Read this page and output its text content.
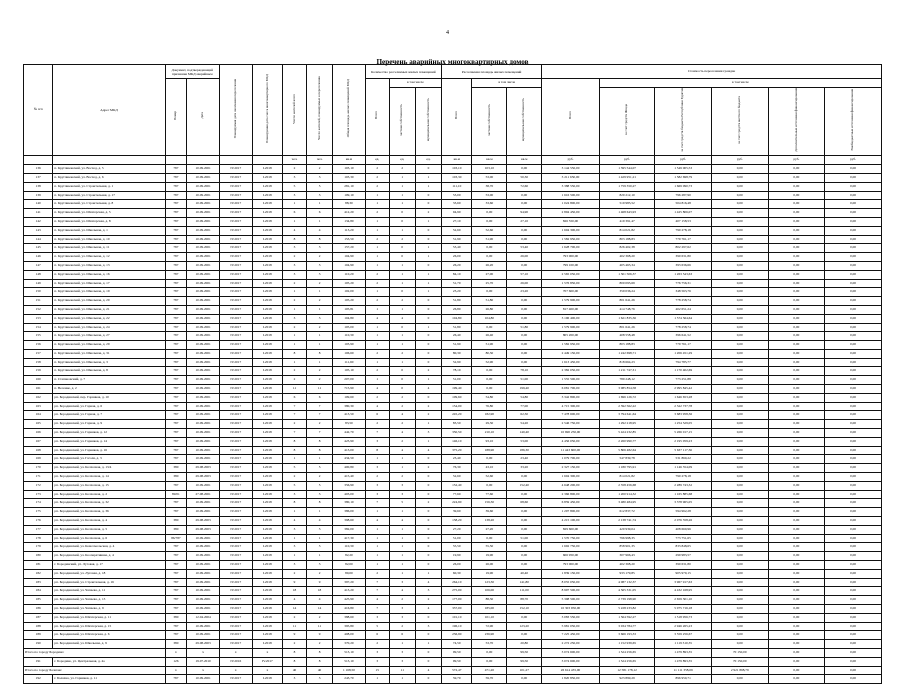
4
Перечень аварийных многоквартирных домов
№ п/п	Адрес МКД	Документ, подтверждающий признание МКД аварийным		Планируемая дата окончания переселения	Планируемая дата сноса многоквартирного МКД	Число жителей всего	Число жителей, планируемых к переселению	Общая площадь жилых помещений МКД	Количество расселяемых жилых помещений			Расселяемая площадь жилых помещений			Стоимость переселения граждан					
		Номер	Дата						Всего	в том числе		Всего	в том числе		Всего	в том числе				
										частная собственность	муниципальная собственность		частная собственность	муниципальная собственность		за счет средств Фонда	за счет средств бюджета Республики Бурятия	за счет средств местного бюджета	Дополнительные источники финансирования	Внебюджетные источники финансирования
						чел.	чел.	кв.м	ед.	ед.	ед.	кв.м	кв.м	кв.м	руб.	руб.	руб.	руб.	руб.	руб.
136	п. Кругликовский, ул. Восход, д. 5	787	10.09.2001	IV.2017	I.2018	2	2	103,10	2	2	0	103,10	103,10	0,00	3 144 550,00	1 395 544,07	1 549 005,53	0,00	0,00	0,00
137	п. Кругликовский, ул. Восход, д. 6	787	10.09.2001	IV.2017	I.2018	3	3	103,30	2	1	1	103,30	53,00	50,30	3 211 650,00	1 429 951,21	1 582 698,79	0,00	0,00	0,00
138	п. Кругликовский, ул. Строительная, д. 1	787	10.09.2001	IV.2017	I.2018	5	5	281,10	2	1	1	111,10	38,70	72,60	3 388 550,00	1 759 350,27	1 669 090,73	0,00	0,00	0,00
139	п. Кругликовский, ул. Строительная, д. 17	787	10.09.2001	IV.2017	I.2018	3	3	109,10	1	1	0	53,00	53,00	0,00	1 616 500,00	820 212,10	796 287,90	0,00	0,00	0,00
140	п. Кругликовский, ул. Строительная, д. 8	787	10.09.2001	IV.2017	I.2018	1	1	88,30	1	1	0	33,60	33,60	0,00	1 024 800,00	519 983,52	504 816,48	0,00	0,00	0,00
141	п. Кругликовский, ул. Шахтерская, д. 5	787	10.09.2001	IV.2017	I.2018	6	6	412,20	2	0	2	94,90	0,00	94,90	2 894 450,00	1 468 643,93	1 425 806,07	0,00	0,00	0,00
142	п. Кругликовский, ул. Шахтерская, д. 8	787	10.09.2001	IV.2017	I.2018	1	1	134,80	1	0	1	27,10	0,00	27,10	826 550,00	419 391,47	407 158,53	0,00	0,00	0,00
143	п. Кругликовский, ул. Школьная, д. 1	787	10.09.2001	IV.2017	I.2018	4	4	113,20	1	1	0	52,60	52,60	0,00	1 604 300,00	814 021,82	790 278,18	0,00	0,00	0,00
144	п. Кругликовский, ул. Школьная, д. 10	787	10.09.2001	IV.2017	I.2018	8	8	153,50	2	2	0	51,90	51,90	0,00	1 582 950,00	803 188,83	779 761,17	0,00	0,00	0,00
145	п. Кругликовский, ул. Школьная, д. 11	787	10.09.2001	IV.2017	I.2018	3	3	157,20	1	0	1	53,40	0,00	53,40	1 628 700,00	826 402,38	802 297,62	0,00	0,00	0,00
146	п. Кругликовский, ул. Школьная, д. 12	787	10.09.2001	IV.2017	I.2018	2	2	104,90	1	0	1	26,00	0,00	26,00	793 000,00	402 368,20	390 631,80	0,00	0,00	0,00
147	п. Кругликовский, ул. Школьная, д. 13	787	10.09.2001	IV.2017	I.2018	3	3	104,90	1	1	0	26,20	26,20	0,00	799 100,00	405 463,34	393 636,66	0,00	0,00	0,00
148	п. Кругликовский, ул. Школьная, д. 16	787	10.09.2001	IV.2017	I.2018	3	3	110,20	2	1	1	84,10	27,00	57,10	2 565 050,00	1 301 506,37	1 263 543,63	0,00	0,00	0,00
149	п. Кругликовский, ул. Школьная, д. 17	787	10.09.2001	IV.2017	I.2018	2	2	105,20	2	1	1	51,70	25,70	26,00	1 576 850,00	800 093,69	776 756,31	0,00	0,00	0,00
150	п. Кругликовский, ул. Школьная, д. 19	787	10.09.2001	IV.2017	I.2018	1	1	102,00	1	0	1	23,20	0,00	23,20	707 600,00	359 036,24	348 563,76	0,00	0,00	0,00
151	п. Кругликовский, ул. Школьная, д. 20	787	10.09.2001	IV.2017	I.2018	2	2	105,20	2	2	0	51,80	51,80	0,00	1 579 900,00	801 641,26	778 258,74	0,00	0,00	0,00
152	п. Кругликовский, ул. Школьная, д. 21	787	10.09.2001	IV.2017	I.2018	1	1	105,81	1	1	0	26,80	26,80	0,00	817 400,00	414 748,76	402 651,24	0,00	0,00	0,00
153	п. Кругликовский, ул. Школьная, д. 22	787	10.09.2001	IV.2017	I.2018	3	3	104,80	4	4	0	104,80	104,80	0,00	3 196 400,00	1 621 835,36	1 574 564,64	0,00	0,00	0,00
154	п. Кругликовский, ул. Школьная, д. 24	787	10.09.2001	IV.2017	I.2018	2	2	105,00	1	0	1	51,80	0,00	51,80	1 579 900,00	801 641,26	778 258,74	0,00	0,00	0,00
155	п. Кругликовский, ул. Школьная, д. 27	787	10.09.2001	IV.2017	I.2018	1	1	110,30	1	1	0	26,40	26,40	0,00	805 200,00	408 558,48	396 641,52	0,00	0,00	0,00
156	п. Кругликовский, ул. Школьная, д. 29	787	10.09.2001	IV.2017	I.2018	1	1	103,90	1	1	0	51,90	51,90	0,00	1 582 950,00	803 188,83	779 761,17	0,00	0,00	0,00
157	п. Кругликовский, ул. Школьная, д. 31	787	10.09.2001	IV.2017	I.2018	8	8	106,60	2	2	0	80,30	80,30	0,00	2 449 150,00	1 242 698,71	1 206 451,29	0,00	0,00	0,00
158	п. Кругликовский, ул. Школьная, д. 3	787	10.09.2001	IV.2017	I.2018	1	1	111,60	1	1	0	52,90	52,90	0,00	1 613 450,00	818 664,23	794 785,77	0,00	0,00	0,00
159	п. Кругликовский, ул. Школьная, д. 8	787	10.09.2001	IV.2017	I.2018	2	2	105,10	2	0	2	78,10	0,00	78,10	2 382 050,00	1 211 747,31	1 170 402,69	0,00	0,00	0,00
160	п. Степановский, д. 7	787	10.09.2001	IV.2017	I.2018	2	2	207,00	1	0	1	51,00	0,00	51,00	1 555 500,00	789 248,12	773 251,88	0,00	0,00	0,00
161	п. Весенне, д. 2	787	10.09.2001	IV.2017	I.2018	11	11	715,90	4	0	4	199,40	0,00	199,40	6 081 700,00	3 085 854,58	2 995 845,42	0,00	0,00	0,00
162	рп. Бородинский, пер. Горняков, д. 10	787	10.09.2001	IV.2017	I.2018	6	6	109,60	2	2	0	109,60	54,80	54,80	3 342 800,00	1 696 126,72	1 646 653,28	0,00	0,00	0,00
163	рп. Бородинский, ул. Горная, д. 6	787	10.09.2001	IV.2017	I.2018	7	7	380,30	4	2	2	154,00	76,80	77,00	4 715 300,00	2 392 562,22	2 322 737,78	0,00	0,00	0,00
164	рп. Бородинский, ул. Горная, д. 7	787	10.09.2001	IV.2017	I.2018	7	7	413,50	6	4	2	245,20	182,90	62,30	7 478 600,00	3 794 641,64	3 683 958,36	0,00	0,00	0,00
165	рп. Бородинский, ул. Горная, д. 9	787	10.09.2001	IV.2017	I.2018	2	2	83,50	2	2	1	83,50	29,30	54,20	2 546 750,00	1 292 218,95	1 254 529,05	0,00	0,00	0,00
166	рп. Бородинский, ул. Горняков, д. 12	787	10.09.2001	IV.2017	I.2018	7	7	442,70	7	4	3	350,50	210,10	140,40	10 690 250,00	5 424 232,85	5 266 017,15	0,00	0,00	0,00
167	рп. Бородинский, ул. Горняков, д. 14	787	10.09.2001	IV.2017	I.2018	8	8	423,90	3	2	1	146,10	93,10	53,00	4 456 050,00	2 260 990,77	2 195 059,23	0,00	0,00	0,00
168	рп. Бородинский, ул. Горняков, д. 16	787	10.09.2001	IV.2017	I.2018	8	8	413,00	8	4	4	375,20	188,90	186,30	11 443 600,00	5 806 482,64	5 637 117,36	0,00	0,00	0,00
169	рп. Бородинский, ул. Гоголя, д. 3	787	10.09.2001	IV.2017	I.2018	1	1	434,50	1	1	0	23,40	0,00	23,40	1 079 700,00	547 839,78	531 860,22	0,00	0,00	0,00
170	рп. Бородинский, ул. Колхозная, д. 13/4	380	29.08.2003	IV.2017	I.2018	5	5	400,80	3	1	2	76,30	43,10	33,20	2 327 150,00	1 180 795,91	1 146 354,09	0,00	0,00	0,00
171	рп. Бородинский, ул. Колхозная, д. 14	380	29.08.2003	IV.2017	I.2018	2	2	415,40	2	2	0	52,60	52,60	0,00	1 604 300,00	814 021,82	790 278,18	0,00	0,00	0,00
172	рп. Бородинский, ул. Колхозная, д. 15	787	10.09.2001	IV.2017	I.2018	5	5	356,90	3	3	0	152,40	0,00	152,40	4 648 200,00	2 358 456,68	2 289 743,32	0,00	0,00	0,00
173	рп. Бородинский, ул. Колхозная, д. 2	89/01	27.08.2001	IV.2017	I.2018	3	3	403,00	3	3	0	77,60	77,60	0,00	2 366 800,00	1 200 914,32	1 165 885,68	0,00	0,00	0,00
174	рп. Бородинский, ул. Колхозная, д. 32	787	10.09.2001	IV.2017	I.2018	8	8	380,10	7	5	2	224,90	156,30	68,60	6 859 450,00	3 480 484,95	3 378 965,05	0,00	0,00	0,00
175	рп. Бородинский, ул. Колхозная, д. 36	787	10.09.2001	IV.2017	I.2018	1	1	386,00	1	1	0	39,60	39,60	0,00	1 207 800,00	612 837,72	594 962,28	0,00	0,00	0,00
176	рп. Бородинский, ул. Колхозная, д. 4	380	29.08.2003	IV.2017	I.2018	4	4	398,60	4	4	0	138,20	138,20	0,00	4 215 100,00	2 138 741,74	2 076 358,26	0,00	0,00	0,00
177	рп. Бородинский, ул. Колхозная, д. 5	380	29.08.2003	IV.2017	I.2018	3	3	382,00	1	1	0	27,20	27,20	0,00	829 600,00	420 939,04	408 660,96	0,00	0,00	0,00
178	рп. Бородинский, ул. Колхозная, д. 6	86/787	10.09.2001	IV.2017	I.2018	1	1	417,30	1	1	0	51,00	0,00	51,00	1 570 750,00	796 998,35	773 751,65	0,00	0,00	0,00
179	рп. Бородинский, ул. Комсомольская, д. 4	787	10.09.2001	IV.2017	I.2018	3	3	110,30	1	1	0	55,50	55,50	0,00	1 692 750,00	858 901,35	833 848,65	0,00	0,00	0,00
180	рп. Бородинский, ул. Кооперативная, д. 4	787	10.09.2001	IV.2017	I.2018	1	1	82,20	1	1	0	19,90	19,90	0,00	606 950,00	307 966,43	299 983,57	0,00	0,00	0,00
181	г. Бородинский, ул. Луговая, д. 17	787	10.09.2001	IV.2017	I.2018	3	3	82,00	1	1	0	26,00	26,00	0,00	793 000,00	402 368,20	390 631,80	0,00	0,00	0,00
182	рп. Бородинский, ул. Луговая, д. 18	787	10.09.2001	IV.2017	I.2018	2	2	80,00	2	1	1	60,30	19,90	40,40	1 839 150,00	933 179,85	905 970,15	0,00	0,00	0,00
183	рп. Бородинский, ул. Строительная, д. 16	787	10.09.2001	IV.2017	I.2018	9	9	397,20	7	3	4	264,10	123,30	141,80	8 055 050,00	4 087 132,37	3 967 917,63	0,00	0,00	0,00
184	рп. Бородинский, ул. Чапаева, д. 11	787	10.09.2001	IV.2017	I.2018	18	18	413,20	7	4	3	275,00	106,00	111,00	8 997 500,00	4 565 331,05	4 432 168,95	0,00	0,00	0,00
185	рп. Бородинский, ул. Чапаева, д. 13	787	10.09.2001	IV.2017	I.2018	4	4	425,90	4	2	2	177,00	88,30	88,70	5 398 500,00	2 739 198,90	2 659 301,10	0,00	0,00	0,00
186	рп. Бородинский, ул. Чапаева, д. 9	787	10.09.2001	IV.2017	I.2018	14	14	416,80	7	3	4	337,00	185,00	152,10	10 303 950,00	5 228 233,82	5 075 716,18	0,00	0,00	0,00
187	рп. Бородинский, ул. Шахтерская, д. 11	380	12.04.2004	IV.2017	I.2018	2	2	388,60	3	3	0	101,10	101,10	0,00	3 083 550,00	1 564 592,27	1 518 956,73	0,00	0,00	0,00
188	рп. Бородинский, ул. Шахтерская, д. 15	787	10.09.2001	IV.2017	I.2018	11	11	395,80	5	2	3	196,10	72,90	123,20	5 981 050,00	3 034 784,77	2 946 265,23	0,00	0,00	0,00
189	рп. Бородинский, ул. Шахтерская, д. 6	787	10.09.2001	IV.2017	I.2018	9	9	408,00	6	6	0	236,90	236,90	0,00	7 225 450,00	3 666 193,33	3 559 256,67	0,00	0,00	0,00
190	рп. Бородинский, ул. Школьная, д. 9	380	29.08.2003	IV.2017	I.2018	2	2	370,20	2	1	1	74,50	53,70	20,80	2 272 250,00	1 152 939,65	1 119 310,35	0,00	0,00	0,00
Итого по городу Бородино:		x	x	x	x	8	8	513,10	3	3	0	99,50	0,00	99,50	3 074 600,00	1 524 256,65	1 479 893,35	70 150,00	0,00	0,00
191	г. Бородино, ул. Центральная, д. 4а	126	19.07.2010	IV.2016	IV.2017	8	8	513,10	3	3	0	99,50	0,00	99,50	3 074 600,00	1 524 256,65	1 479 893,35	70 150,00	0,00	0,00
Итого по городу Балахна:		x	x	x	x	40	40	1 168,50	15	11	4	572,47	471,20	101,27	26 614 435,00	12 581 178,12	11 111 358,09	2 921 898,79	0,00	0,00
192	г. Балахна, ул. Горняков, д. 11	787	10.09.2001	IV.2017	I.2018	3	3	243,70	1	1	0	59,70	59,70	0,00	1 820 850,00	923 899,29	896 950,71	0,00	0,00	0,00
